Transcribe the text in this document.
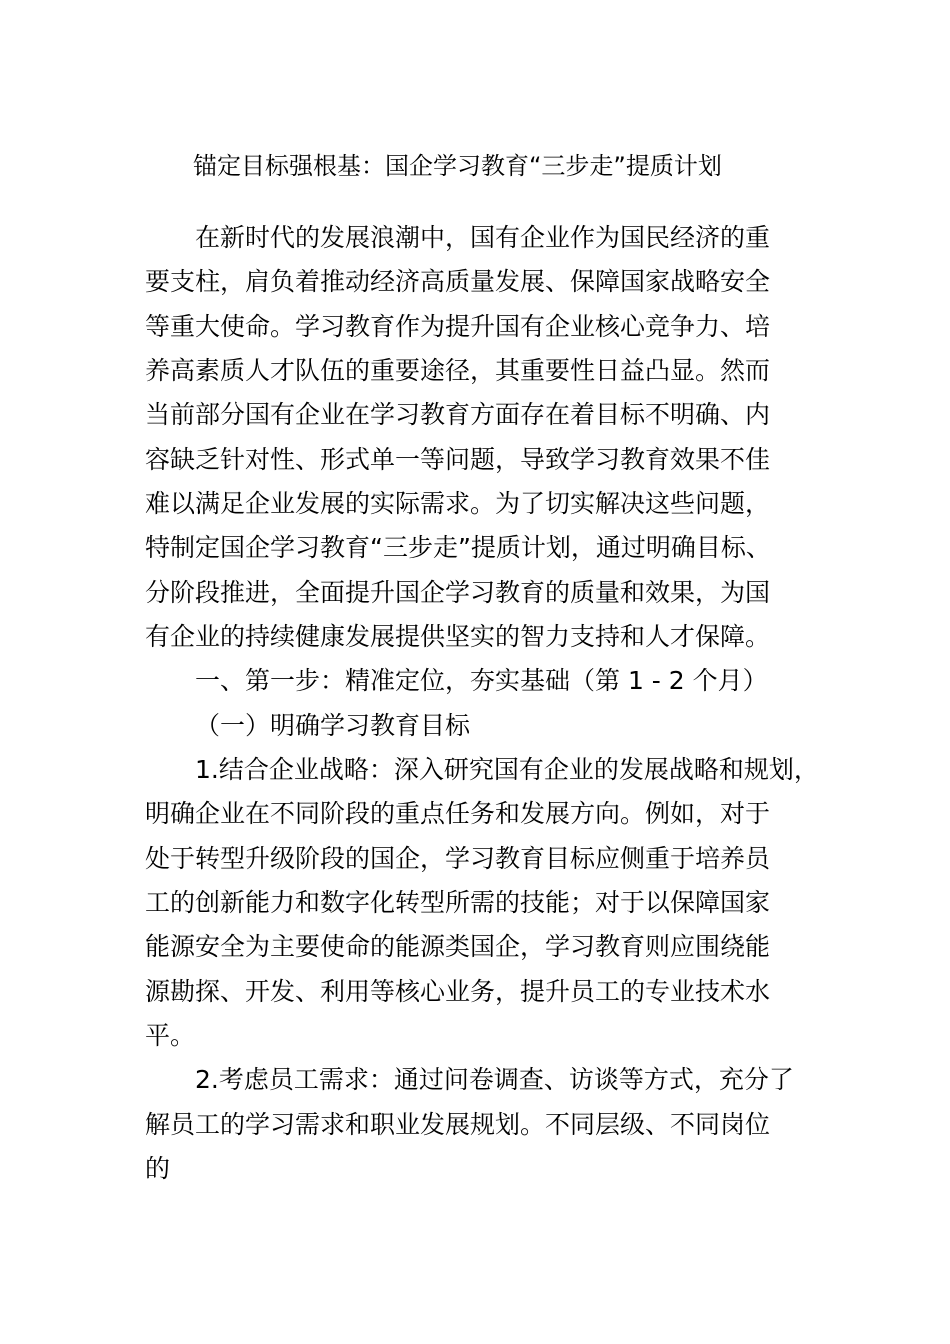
锚定目标强根基：国企学习教育“三步走”提质计划
在新时代的发展浪潮中，国有企业作为国民经济的重
要支柱，肩负着推动经济高质量发展、保障国家战略安全
等重大使命。学习教育作为提升国有企业核心竞争力、培
养高素质人才队伍的重要途径，其重要性日益凸显。然而
当前部分国有企业在学习教育方面存在着目标不明确、内
容缺乏针对性、形式单一等问题，导致学习教育效果不佳
难以满足企业发展的实际需求。为了切实解决这些问题，
特制定国企学习教育“三步走”提质计划，通过明确目标、
分阶段推进，全面提升国企学习教育的质量和效果，为国
有企业的持续健康发展提供坚实的智力支持和人才保障。
一、第一步：精准定位，夯实基础（第 1 - 2 个月）
（一）明确学习教育目标
1.结合企业战略：深入研究国有企业的发展战略和规划，
明确企业在不同阶段的重点任务和发展方向。例如，对于
处于转型升级阶段的国企，学习教育目标应侧重于培养员
工的创新能力和数字化转型所需的技能；对于以保障国家
能源安全为主要使命的能源类国企，学习教育则应围绕能
源勘探、开发、利用等核心业务，提升员工的专业技术水
平。
2.考虑员工需求：通过问卷调查、访谈等方式，充分了
解员工的学习需求和职业发展规划。不同层级、不同岗位
的
